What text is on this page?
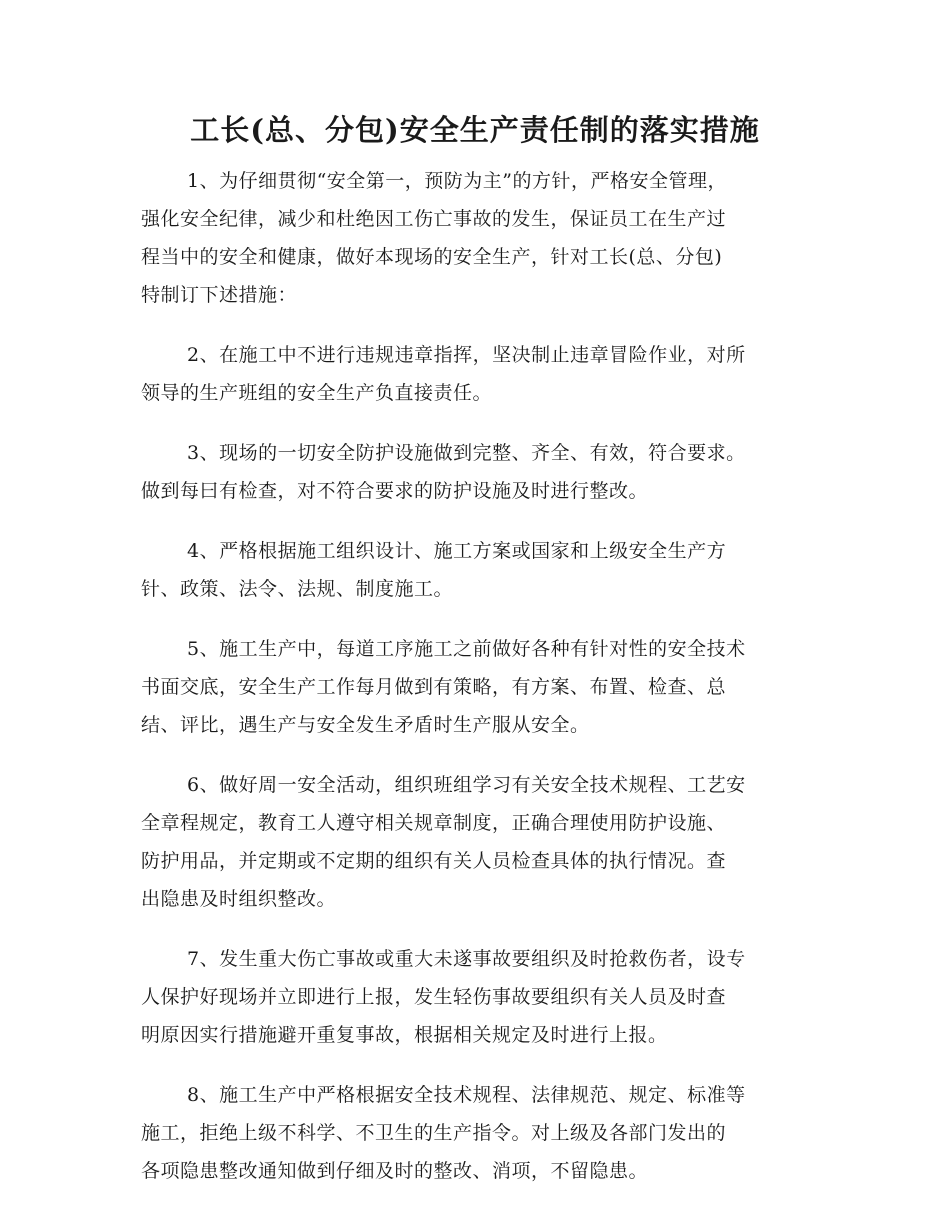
工长(总、分包)安全生产责任制的落实措施

1、为仔细贯彻“安全第一，预防为主”的方针，严格安全管理，
强化安全纪律，减少和杜绝因工伤亡事故的发生，保证员工在生产过
程当中的安全和健康，做好本现场的安全生产，针对工长(总、分包)
特制订下述措施：

2、在施工中不进行违规违章指挥，坚决制止违章冒险作业，对所
领导的生产班组的安全生产负直接责任。

3、现场的一切安全防护设施做到完整、齐全、有效，符合要求。
做到每曰有检查，对不符合要求的防护设施及时进行整改。

4、严格根据施工组织设计、施工方案或国家和上级安全生产方
针、政策、法令、法规、制度施工。

5、施工生产中，每道工序施工之前做好各种有针对性的安全技术
书面交底，安全生产工作每月做到有策略，有方案、布置、检查、总
结、评比，遇生产与安全发生矛盾时生产服从安全。

6、做好周一安全活动，组织班组学习有关安全技术规程、工艺安
全章程规定，教育工人遵守相关规章制度，正确合理使用防护设施、
防护用品，并定期或不定期的组织有关人员检查具体的执行情况。查
出隐患及时组织整改。

7、发生重大伤亡事故或重大未遂事故要组织及时抢救伤者，设专
人保护好现场并立即进行上报，发生轻伤事故要组织有关人员及时查
明原因实行措施避开重复事故，根据相关规定及时进行上报。

8、施工生产中严格根据安全技术规程、法律规范、规定、标准等
施工，拒绝上级不科学、不卫生的生产指令。对上级及各部门发出的
各项隐患整改通知做到仔细及时的整改、消项，不留隐患。
